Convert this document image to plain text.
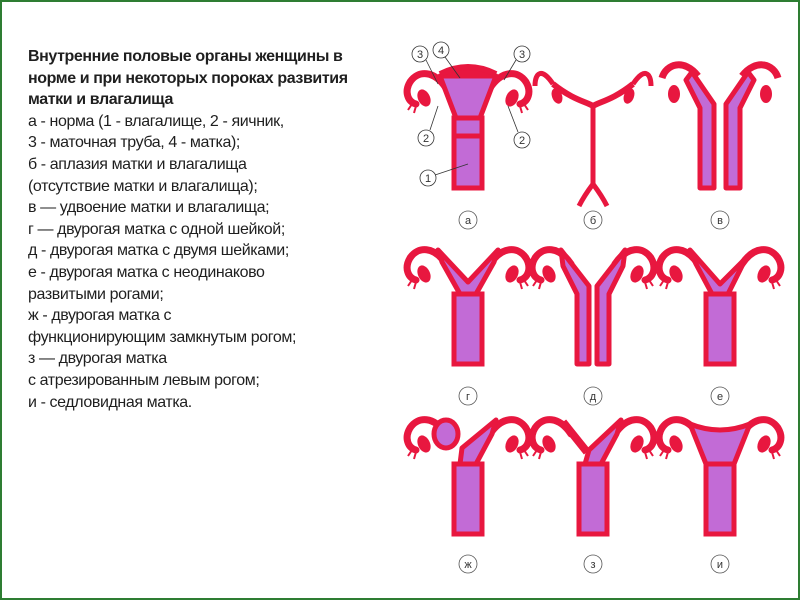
Внутренние половые органы женщины в
норме и при некоторых пороках развития
матки и влагалища
а - норма (1 - влагалище, 2 - яичник,
3 - маточная труба, 4 - матка);
б - аплазия матки и влагалища
(отсутствие матки и влагалища);
в — удвоение матки и влагалища;
г — двурогая матка с одной шейкой;
д - двурогая матка с двумя шейками;
е - двурогая матка с неодинаково
развитыми рогами;
ж - двурогая матка с
функционирующим замкнутым рогом;
з — двурогая матка
с атрезированным левым рогом;
и - седловидная матка.
3 4	3
2	2
1
а	б	в
г	д	е
ж	з	и
